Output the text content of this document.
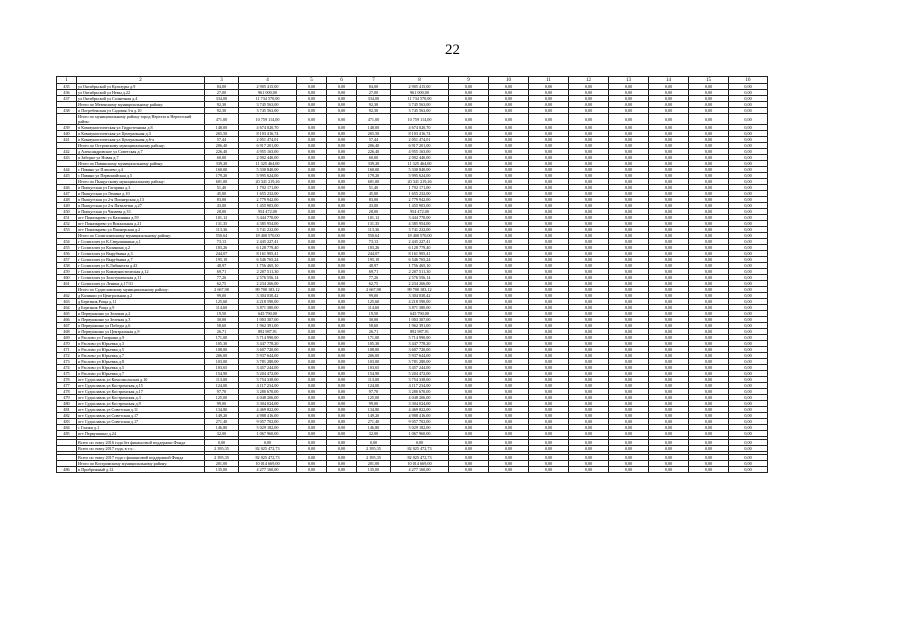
22
1	2	3	4	5	6	7	8	9	10	11	12	13	14	15	16
435	ул Октябрьской ул Культуры д.9	84,00	2 905 415,00	0,00	0,00	84,00	2 905 415,00	0,00	0,00	0,00	0,00	0,00	0,00	0,00	0,00
436	ул Октябрьской ул Невы д.22	27,00	961 000,00	0,00	0,00	27,00	961 000,00	0,00	0,00	0,00	0,00	0,00	0,00	0,00	0,00
437	ул Октябрьской ул Солнечная д.4	334,00	11 734 570,00	0,00	0,00	334,00	11 734 570,00	0,00	0,00	0,00	0,00	0,00	0,00	0,00	0,00
	Итого по Мезенскому муниципальному району:	92,30	3 745 563,00	0,00	0,00	92,30	3 745 563,00	0,00	0,00	0,00	0,00	0,00	0,00	0,00	0,00
438	п Погребенская ул Садовая 3-я д.10	92,30	3 745 563,00	0,00	0,00	92,30	3 745 563,00	0,00	0,00	0,00	0,00	0,00	0,00	0,00	0,00
	Итого по муниципальному району город Нерехта и Нерехтский район:	471,00	10 759 114,00	0,00	0,00	471,00	10 759 114,00	0,00	0,00	0,00	0,00	0,00	0,00	0,00	0,00
439	п Коммунистическая ул Гидротехника д.8	148,00	4 674 020,70	0,00	0,00	148,00	4 674 020,70	0,00	0,00	0,00	0,00	0,00	0,00	0,00	0,00
440	п Коммунистическая ул Центральная д.3	265,50	8 103 416,74	0,00	0,00	265,50	8 103 416,74	0,00	0,00	0,00	0,00	0,00	0,00	0,00	0,00
441	п Коммунистическая ул Центральная д.6-а	57,44	2 051 474,01	0,00	0,00	57,44	2 051 474,01	0,00	0,00	0,00	0,00	0,00	0,00	0,00	0,00
	Итого по Островскому муниципальному району:	206,40	6 917 201,00	0,00	0,00	206,40	6 917 201,00	0,00	0,00	0,00	0,00	0,00	0,00	0,00	0,00
442	д Александровское ул Советская д.7	226,40	4 955 163,00	0,00	0,00	226,40	4 955 163,00	0,00	0,00	0,00	0,00	0,00	0,00	0,00	0,00
443	п Заборье ул Новая д.7	60,00	2 002 440,00	0,00	0,00	60,00	2 002 440,00	0,00	0,00	0,00	0,00	0,00	0,00	0,00	0,00
	Итого по Павинскому муниципальному району:	339,20	11 325 464,00	0,00	0,00	339,20	11 325 464,00	0,00	0,00	0,00	0,00	0,00	0,00	0,00	0,00
444	с Павино ул Плешево д.4	160,00	5 330 840,00	0,00	0,00	160,00	5 330 840,00	0,00	0,00	0,00	0,00	0,00	0,00	0,00	0,00
445	с Павино ул Первомайская д.5	179,20	5 995 624,00	0,00	0,00	179,20	5 995 624,00	0,00	0,00	0,00	0,00	0,00	0,00	0,00	0,00
	Итого по Пыщугскому муниципальному району:	601,00	20 341 219,26	0,00	0,00	601,00	20 341 219,26	0,00	0,00	0,00	0,00	0,00	0,00	0,00	0,00
446	п Пыщугская ул Гагарина д.3	51,40	1 792 171,00	0,00	0,00	51,40	1 792 171,00	0,00	0,00	0,00	0,00	0,00	0,00	0,00	0,00
447	п Пыщугская ул Ленина д.10	45,00	1 655 232,00	0,00	0,00	45,00	1 655 232,00	0,00	0,00	0,00	0,00	0,00	0,00	0,00	0,00
448	п Пыщугская ул 2-я Пионерская д.13	83,00	2 779 942,00	0,00	0,00	83,00	2 779 942,00	0,00	0,00	0,00	0,00	0,00	0,00	0,00	0,00
449	п Пыщугская ул 2-я Пятилетки д.27	43,00	1 455 903,00	0,00	0,00	43,00	1 455 903,00	0,00	0,00	0,00	0,00	0,00	0,00	0,00	0,00
450	п Пыщугская ул Чапаева д.33	28,00	954 472,00	0,00	0,00	28,00	954 472,00	0,00	0,00	0,00	0,00	0,00	0,00	0,00	0,00
451	пгт Поназырево ул Калинина д.59	101,12	3 444 770,00	0,00	0,00	101,12	3 444 770,00	0,00	0,00	0,00	0,00	0,00	0,00	0,00	0,00
452	пгт Поназырево ул Вокзальная д.21	131,35	4 385 954,00	0,00	0,00	131,35	4 385 954,00	0,00	0,00	0,00	0,00	0,00	0,00	0,00	0,00
453	пгт Поназырево ул Пионерская д.2	113,36	3 741 232,00	0,00	0,00	113,36	3 741 232,00	0,00	0,00	0,00	0,00	0,00	0,00	0,00	0,00
	Итого по Солигаличскому муниципальному району:	550,64	18 400 570,00	0,00	0,00	550,64	18 400 570,00	0,00	0,00	0,00	0,00	0,00	0,00	0,00	0,00
454	г Солигалич ул К.Сверлишкина д.1	73,13	2 445 227,41	0,00	0,00	73,13	2 445 227,41	0,00	0,00	0,00	0,00	0,00	0,00	0,00	0,00
455	г Солигалич ул Калинина д.2	183,26	6 128 779,40	0,00	0,00	183,26	6 128 779,40	0,00	0,00	0,00	0,00	0,00	0,00	0,00	0,00
456	г Солигалич ул Вырубкина д.3	244,07	8 161 905,41	0,00	0,00	244,07	8 161 905,41	0,00	0,00	0,00	0,00	0,00	0,00	0,00	0,00
457	г Солигалич ул Вырубкина д.7	195,19	6 546 765,24	0,00	0,00	195,19	6 546 765,24	0,00	0,00	0,00	0,00	0,00	0,00	0,00	0,00
458	г Солигалич ул К.Либкнехта д.43	48,97	1 756 465,10	0,00	0,00	48,97	1 756 465,10	0,00	0,00	0,00	0,00	0,00	0,00	0,00	0,00
459	г Солигалич ул Коммунистическая д.12	69,71	2 207 511,30	0,00	0,00	69,71	2 207 511,30	0,00	0,00	0,00	0,00	0,00	0,00	0,00	0,00
460	г Солигалич ул Золотушенская д.11	77,26	2 576 556,14	0,00	0,00	77,26	2 576 556,14	0,00	0,00	0,00	0,00	0,00	0,00	0,00	0,00
461	г Солигалич ул Ленина д.17/31	62,75	2 234 266,00	0,00	0,00	62,75	2 234 266,00	0,00	0,00	0,00	0,00	0,00	0,00	0,00	0,00
	Итого по Судиславскому муниципальному району:	2 667,98	89 700 183,12	0,00	0,00	2 667,98	89 700 183,12	0,00	0,00	0,00	0,00	0,00	0,00	0,00	0,00
462	д Калинки ул Центральная д.2	99,00	3 304 030,42	0,00	0,00	99,00	3 304 030,42	0,00	0,00	0,00	0,00	0,00	0,00	0,00	0,00
463	д Березник Роща д.11	125,60	4 218 590,00	0,00	0,00	125,60	4 218 590,00	0,00	0,00	0,00	0,00	0,00	0,00	0,00	0,00
464	д Березник Роща д.9	114,60	3 871 380,00	0,00	0,00	114,60	3 871 380,00	0,00	0,00	0,00	0,00	0,00	0,00	0,00	0,00
465	п Первушкино ул Зеленая д.2	19,50	645 790,00	0,00	0,00	19,50	645 790,00	0,00	0,00	0,00	0,00	0,00	0,00	0,00	0,00
466	п Первушкино ул Зеленая д.3	30,00	1 003 307,00	0,00	0,00	30,00	1 003 307,00	0,00	0,00	0,00	0,00	0,00	0,00	0,00	0,00
467	п Первушкино ул Победы д.6	58,60	1 962 391,00	0,00	0,00	58,60	1 962 391,00	0,00	0,00	0,00	0,00	0,00	0,00	0,00	0,00
468	п Первушкино ул Центральная д.9	26,71	892 987,91	0,00	0,00	26,71	892 987,91	0,00	0,00	0,00	0,00	0,00	0,00	0,00	0,00
469	п Раслово ул Гагарина д.9	171,00	5 714 990,00	0,00	0,00	171,00	5 714 990,00	0,00	0,00	0,00	0,00	0,00	0,00	0,00	0,00
470	п Раслово ул Юрьевка д.3	105,30	3 447 778,20	0,00	0,00	105,30	3 447 778,20	0,00	0,00	0,00	0,00	0,00	0,00	0,00	0,00
471	п Раслово ул Юрьевка д.5	108,00	3 607 720,00	0,00	0,00	108,00	3 607 720,00	0,00	0,00	0,00	0,00	0,00	0,00	0,00	0,00
472	п Раслово ул Юрьевка д.7	206,00	5 937 644,00	0,00	0,00	206,00	5 937 644,00	0,00	0,00	0,00	0,00	0,00	0,00	0,00	0,00
473	п Раслово ул Юрьевка д.8	103,00	3 781 280,00	0,00	0,00	103,00	3 781 280,00	0,00	0,00	0,00	0,00	0,00	0,00	0,00	0,00
474	п Раслово ул Юрьевка д.5	103,65	3 457 244,00	0,00	0,00	103,65	3 457 244,00	0,00	0,00	0,00	0,00	0,00	0,00	0,00	0,00
475	п Раслово ул Юрьевка д.7	154,90	5 204 472,00	0,00	0,00	154,90	5 204 472,00	0,00	0,00	0,00	0,00	0,00	0,00	0,00	0,00
476	пгт Судиславль ул Комсомольская д.10	113,00	3 754 338,00	0,00	0,00	113,00	3 754 338,00	0,00	0,00	0,00	0,00	0,00	0,00	0,00	0,00
477	пгт Судиславль ул Костромская д.15	124,00	4 117 234,00	0,00	0,00	124,00	4 117 234,00	0,00	0,00	0,00	0,00	0,00	0,00	0,00	0,00
478	пгт Судиславль ул Костромская д.17	97,70	3 280 670,00	0,00	0,00	97,70	3 280 670,00	0,00	0,00	0,00	0,00	0,00	0,00	0,00	0,00
479	пгт Судиславль ул Костромская д.3	125,00	4 048 266,00	0,00	0,00	125,00	4 048 266,00	0,00	0,00	0,00	0,00	0,00	0,00	0,00	0,00
480	пгт Судиславль ул Костромская д.9	99,00	3 304 024,00	0,00	0,00	99,00	3 304 024,00	0,00	0,00	0,00	0,00	0,00	0,00	0,00	0,00
481	пгт Судиславль ул Советская д.11	134,80	4 469 822,00	0,00	0,00	134,80	4 469 822,00	0,00	0,00	0,00	0,00	0,00	0,00	0,00	0,00
482	пгт Судиславль ул Советская д.17	149,20	4 988 416,00	0,00	0,00	149,20	4 988 416,00	0,00	0,00	0,00	0,00	0,00	0,00	0,00	0,00
483	пгт Судиславль ул Советская д.17	271,40	9 057 702,00	0,00	0,00	271,40	9 057 702,00	0,00	0,00	0,00	0,00	0,00	0,00	0,00	0,00
484	с Глазки д.1	146,80	5 029 182,00	0,00	0,00	146,80	5 029 182,00	0,00	0,00	0,00	0,00	0,00	0,00	0,00	0,00
485	пгт Первушкино д.24	32,00	1 067 960,00	0,00	0,00	32,00	1 067 960,00	0,00	0,00	0,00	0,00	0,00	0,00	0,00	0,00

	Всего по этапу 2016 года без финансовой поддержки Фонда	0,00	0,00	0,00	0,00	0,00	0,00	0,00	0,00	0,00	0,00	0,00	0,00	0,00	0,00
	Всего по этапу 2017 года, в т.ч.:	2 395,35	82 025 472,73	0,00	0,00	2 395,35	82 025 472,73	0,00	0,00	0,00	0,00	0,00	0,00	0,00	0,00

	Всего по этапу 2017 года с финансовой поддержкой Фонда	2 395,35	82 025 472,73	0,00	0,00	2 395,35	82 025 472,73	0,00	0,00	0,00	0,00	0,00	0,00	0,00	0,00
	Итого по Костромскому муниципальному району:	201,00	10 014 669,00	0,00	0,00	201,00	10 014 669,00	0,00	0,00	0,00	0,00	0,00	0,00	0,00	0,00
486	п Прибрежный д.12	135,00	4 277 160,00	0,00	0,00	135,00	4 277 160,00	0,00	0,00	0,00	0,00	0,00	0,00	0,00	0,00
